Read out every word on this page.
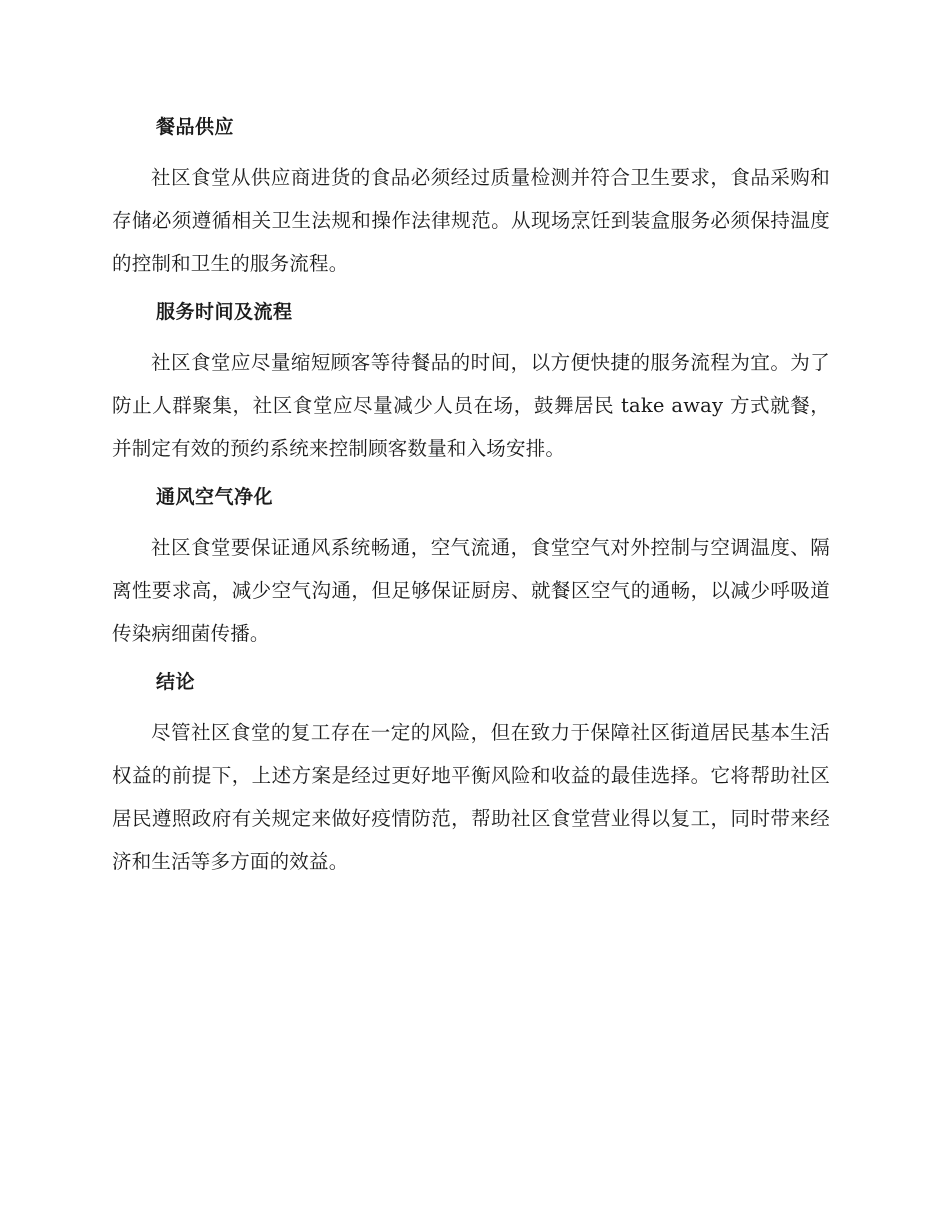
餐品供应

社区食堂从供应商进货的食品必须经过质量检测并符合卫生要求，食品采购和存储必须遵循相关卫生法规和操作法律规范。从现场烹饪到装盒服务必须保持温度的控制和卫生的服务流程。

服务时间及流程

社区食堂应尽量缩短顾客等待餐品的时间，以方便快捷的服务流程为宜。为了防止人群聚集，社区食堂应尽量减少人员在场，鼓舞居民 take away 方式就餐，并制定有效的预约系统来控制顾客数量和入场安排。

通风空气净化

社区食堂要保证通风系统畅通，空气流通，食堂空气对外控制与空调温度、隔离性要求高，减少空气沟通，但足够保证厨房、就餐区空气的通畅，以减少呼吸道传染病细菌传播。

结论

尽管社区食堂的复工存在一定的风险，但在致力于保障社区街道居民基本生活权益的前提下，上述方案是经过更好地平衡风险和收益的最佳选择。它将帮助社区居民遵照政府有关规定来做好疫情防范，帮助社区食堂营业得以复工，同时带来经济和生活等多方面的效益。
